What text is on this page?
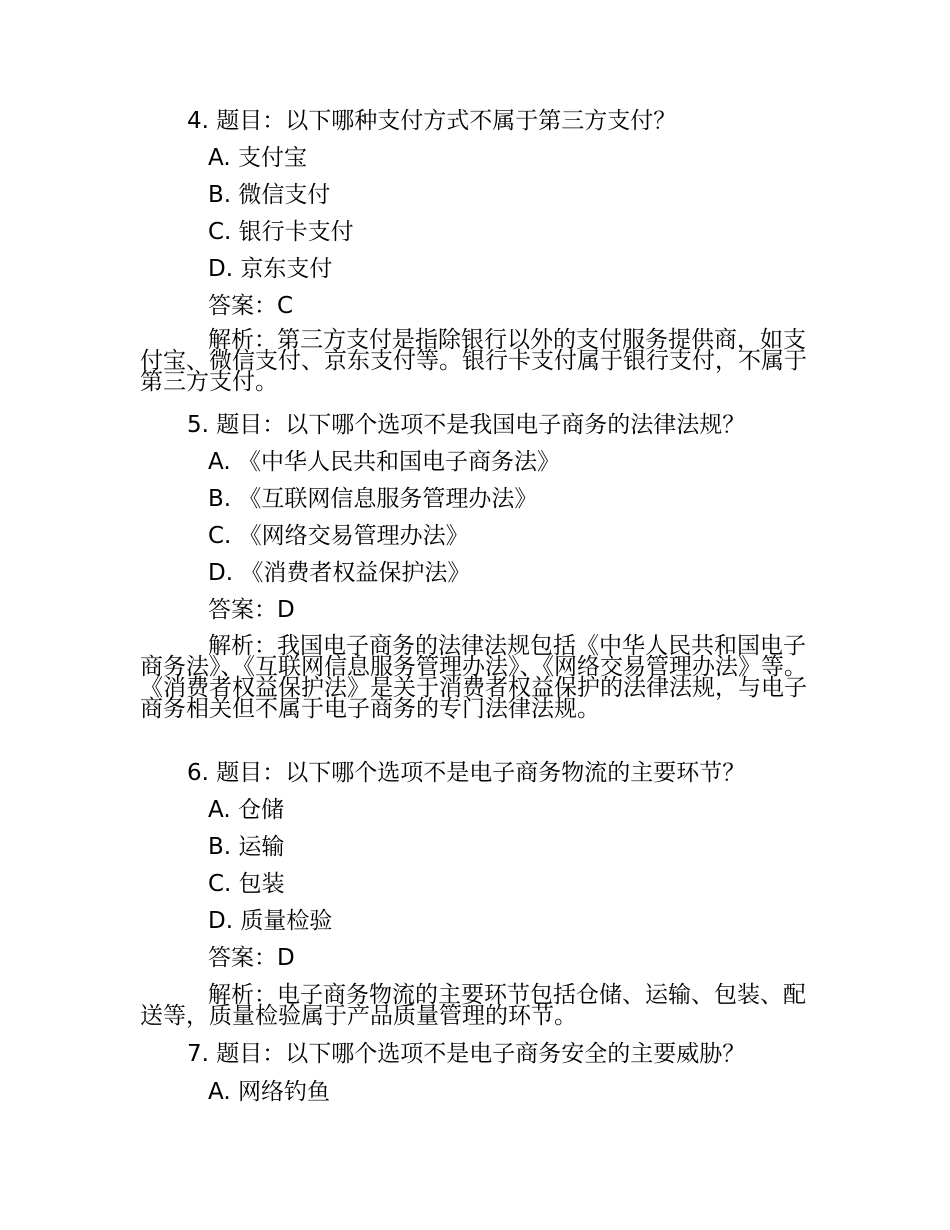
4. 题目：以下哪种支付方式不属于第三方支付？
A. 支付宝
B. 微信支付
C. 银行卡支付
D. 京东支付
答案：C
解析：第三方支付是指除银行以外的支付服务提供商，如支付宝、微信支付、京东支付等。银行卡支付属于银行支付，不属于第三方支付。
5. 题目：以下哪个选项不是我国电子商务的法律法规？
A. 《中华人民共和国电子商务法》
B. 《互联网信息服务管理办法》
C. 《网络交易管理办法》
D. 《消费者权益保护法》
答案：D
解析：我国电子商务的法律法规包括《中华人民共和国电子商务法》、《互联网信息服务管理办法》、《网络交易管理办法》等。《消费者权益保护法》是关于消费者权益保护的法律法规，与电子商务相关但不属于电子商务的专门法律法规。
6. 题目：以下哪个选项不是电子商务物流的主要环节？
A. 仓储
B. 运输
C. 包装
D. 质量检验
答案：D
解析：电子商务物流的主要环节包括仓储、运输、包装、配送等，质量检验属于产品质量管理的环节。
7. 题目：以下哪个选项不是电子商务安全的主要威胁？
A. 网络钓鱼
